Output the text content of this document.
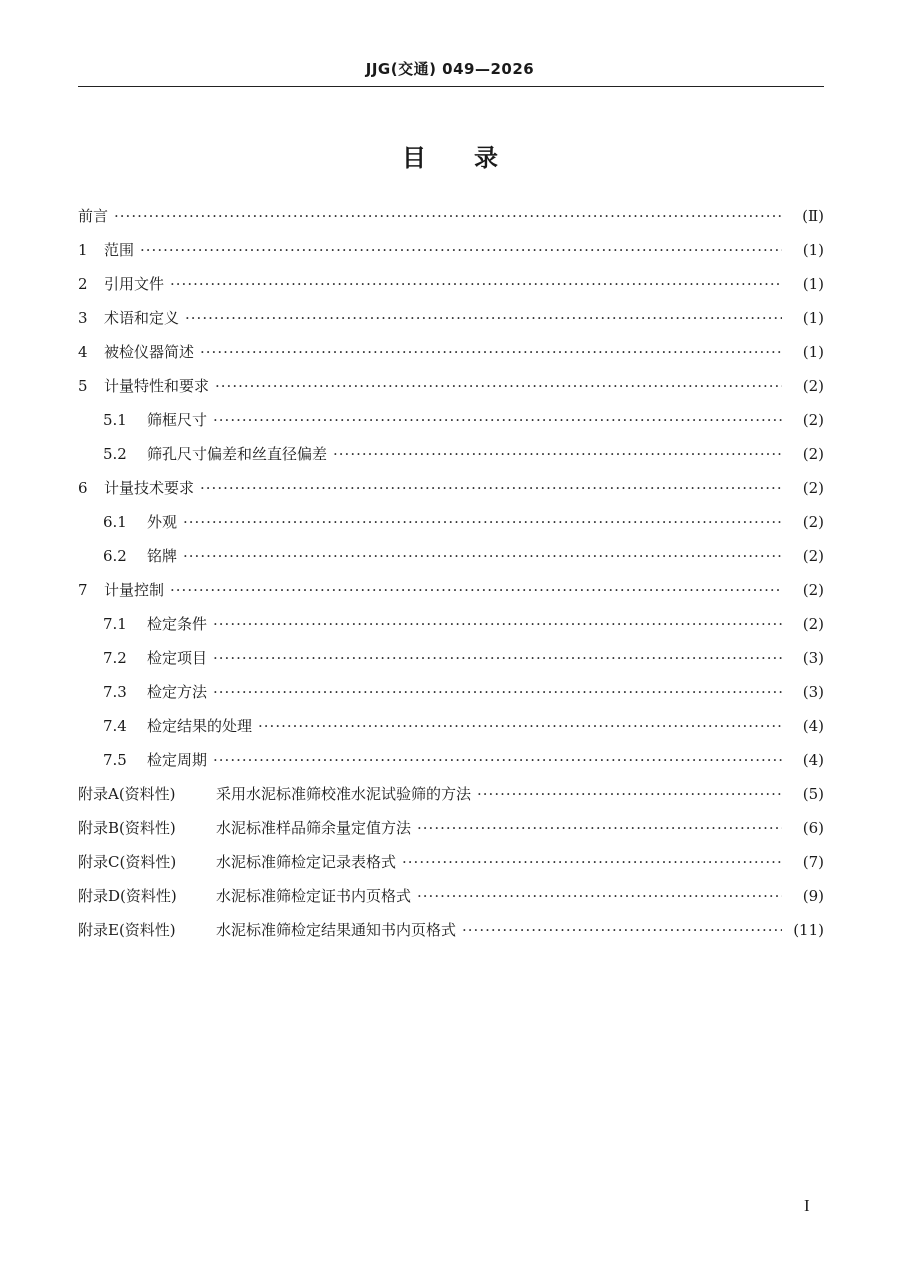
JJG(交通) 049—2026
目录
前言 ·····	(Ⅱ)
1	范围 ·····	(1)
2	引用文件 ·····	(1)
3	术语和定义 ·····	(1)
4	被检仪器简述 ·····	(1)
5	计量特性和要求 ·····	(2)
5.1	筛框尺寸 ·····	(2)
5.2	筛孔尺寸偏差和丝直径偏差 ·····	(2)
6	计量技术要求 ·····	(2)
6.1	外观 ·····	(2)
6.2	铭牌 ·····	(2)
7	计量控制 ·····	(2)
7.1	检定条件 ·····	(2)
7.2	检定项目 ·····	(3)
7.3	检定方法 ·····	(3)
7.4	检定结果的处理 ·····	(4)
7.5	检定周期 ·····	(4)
附录A(资料性)	采用水泥标准筛校准水泥试验筛的方法 ·····	(5)
附录B(资料性)	水泥标准样品筛余量定值方法 ·····	(6)
附录C(资料性)	水泥标准筛检定记录表格式 ·····	(7)
附录D(资料性)	水泥标准筛检定证书内页格式 ·····	(9)
附录E(资料性)	水泥标准筛检定结果通知书内页格式 ·····	(11)
I
